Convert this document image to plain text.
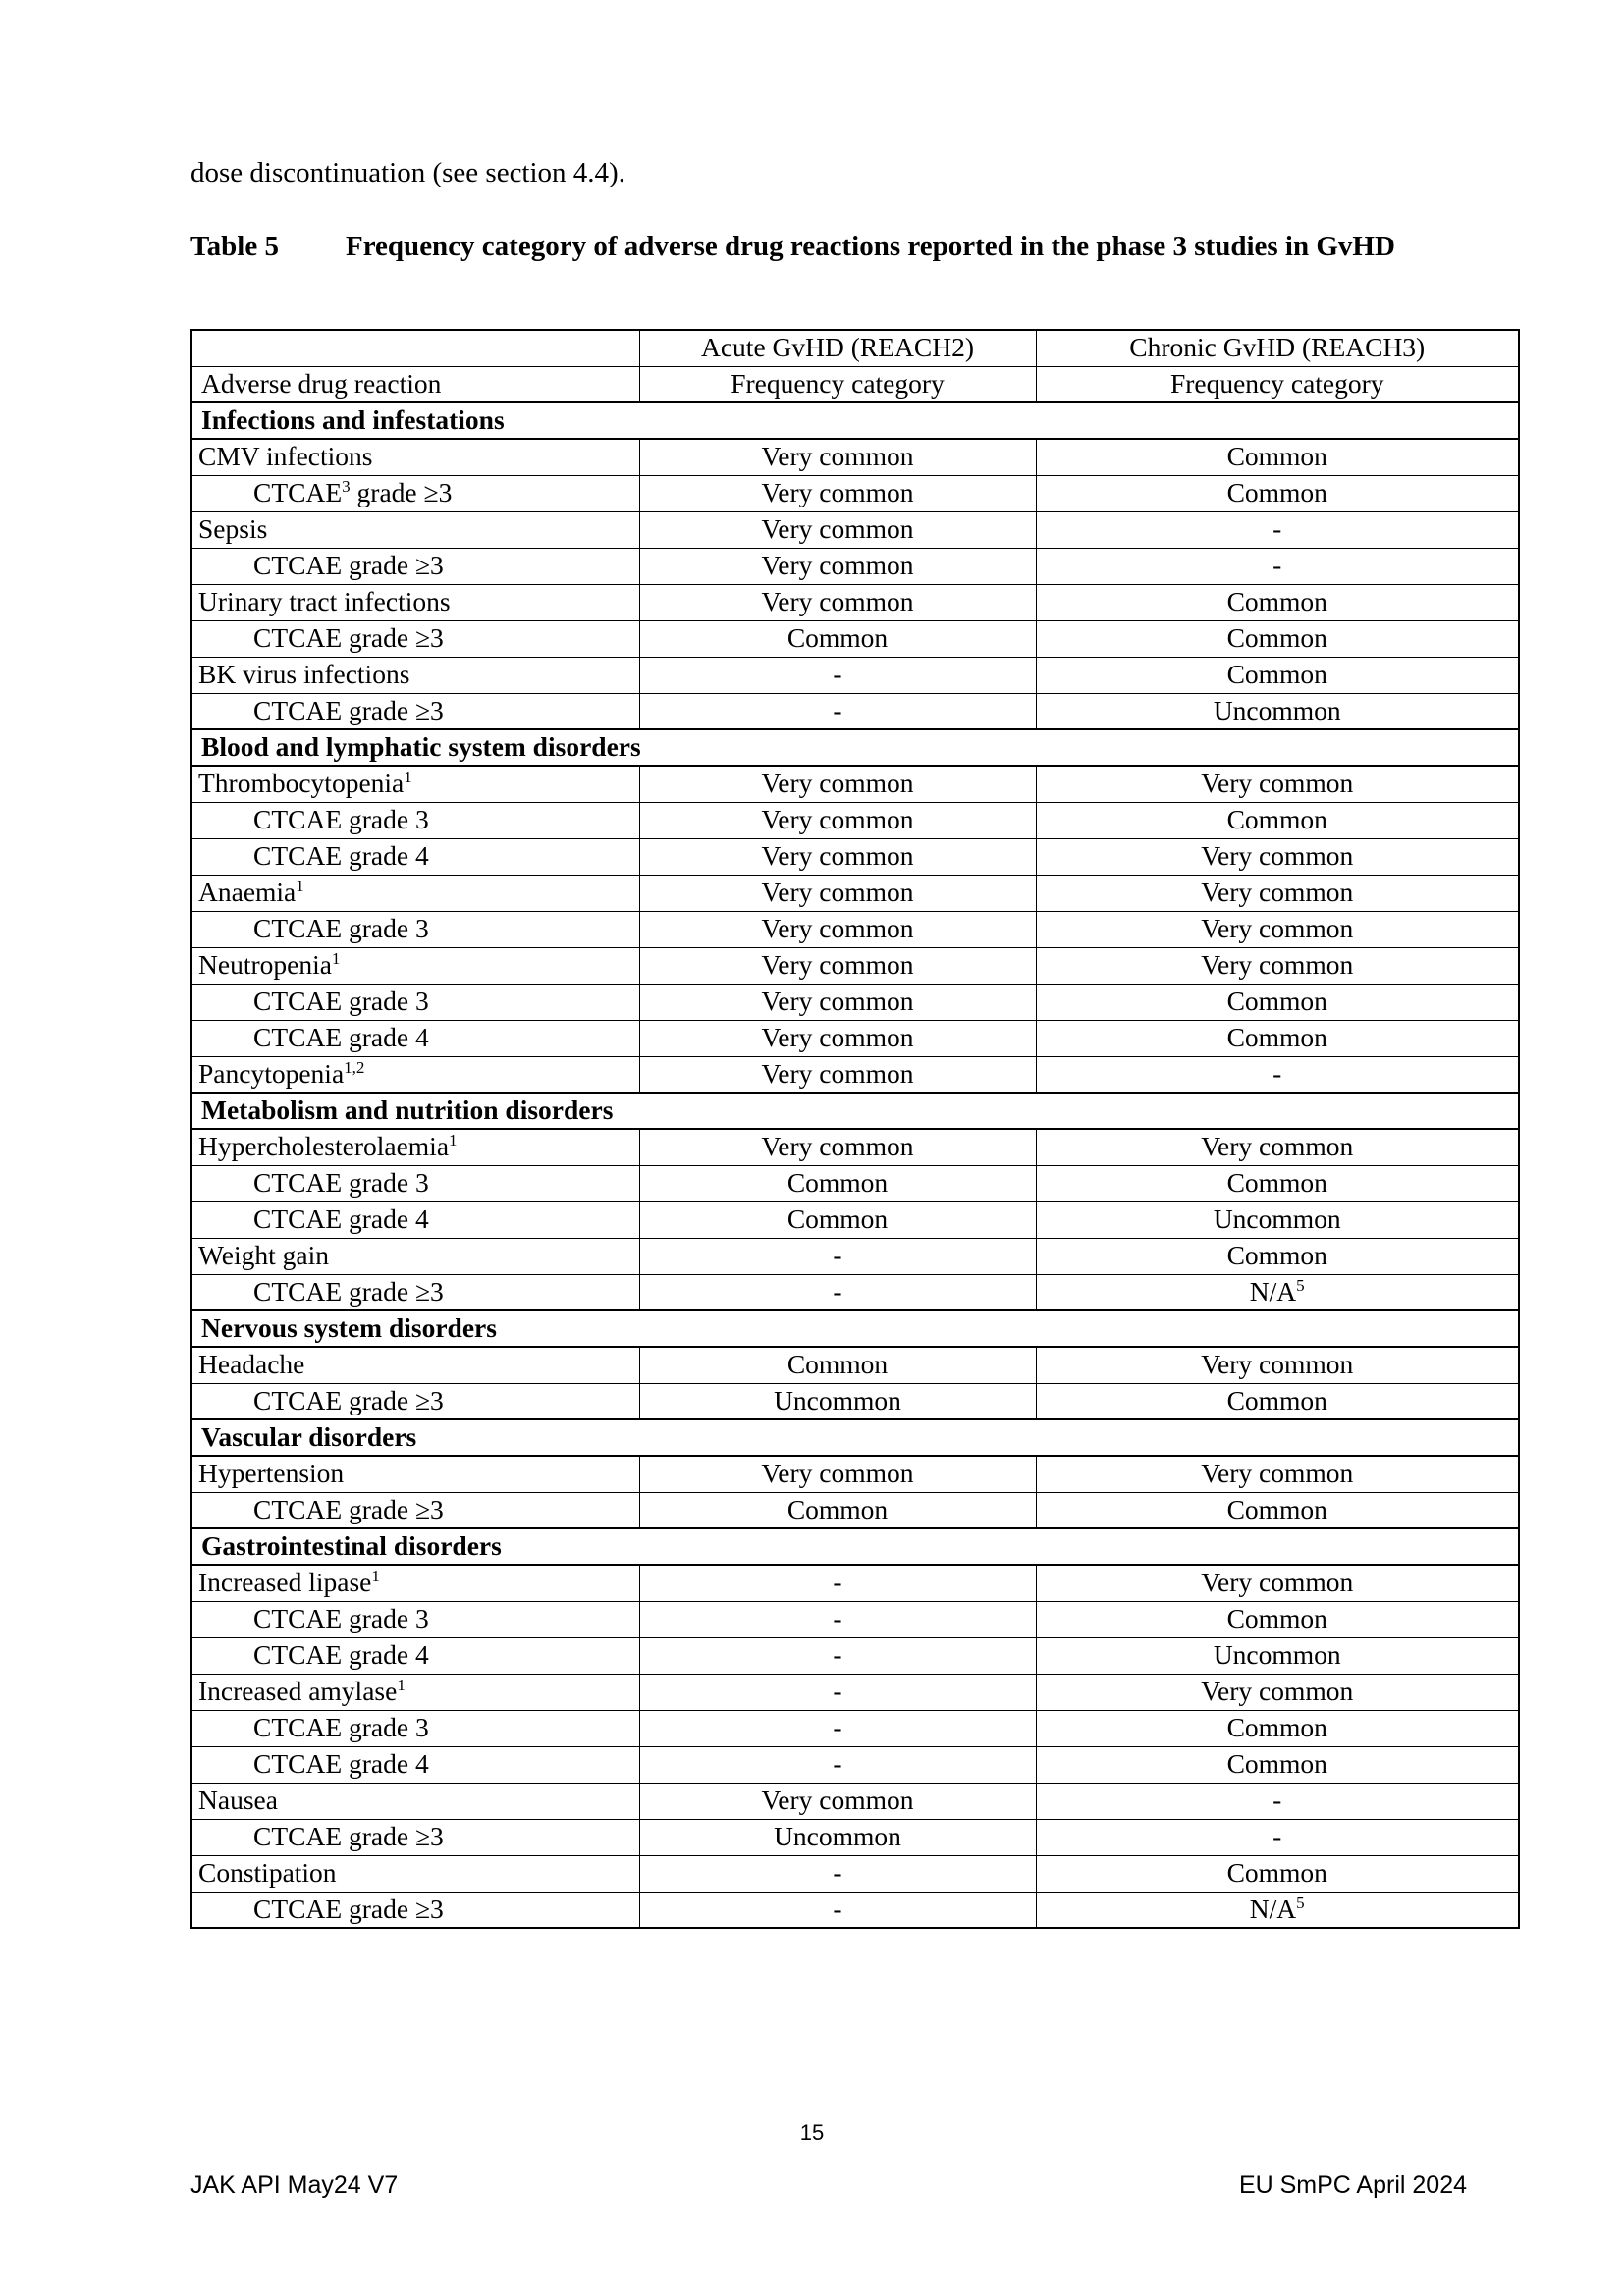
dose discontinuation (see section 4.4).
Table 5	Frequency category of adverse drug reactions reported in the phase 3 studies in GvHD
	Acute GvHD (REACH2)	Chronic GvHD (REACH3)
Adverse drug reaction	Frequency category	Frequency category
Infections and infestations		
CMV infections	Very common	Common
CTCAE$^3$ grade ≥3	Very common	Common
Sepsis	Very common	-
CTCAE grade ≥3	Very common	-
Urinary tract infections	Very common	Common
CTCAE grade ≥3	Common	Common
BK virus infections	-	Common
CTCAE grade ≥3	-	Uncommon
Blood and lymphatic system disorders		
Thrombocytopenia$^1$	Very common	Very common
CTCAE grade 3	Very common	Common
CTCAE grade 4	Very common	Very common
Anaemia$^1$	Very common	Very common
CTCAE grade 3	Very common	Very common
Neutropenia$^1$	Very common	Very common
CTCAE grade 3	Very common	Common
CTCAE grade 4	Very common	Common
Pancytopenia$^{1,2}$	Very common	-
Metabolism and nutrition disorders		
Hypercholesterolaemia$^1$	Very common	Very common
CTCAE grade 3	Common	Common
CTCAE grade 4	Common	Uncommon
Weight gain	-	Common
CTCAE grade ≥3	-	$N/A^5$
Nervous system disorders		
Headache	Common	Very common
CTCAE grade ≥3	Uncommon	Common
Vascular disorders		
Hypertension	Very common	Very common
CTCAE grade ≥3	Common	Common
Gastrointestinal disorders		
Increased lipase$^1$	-	Very common
CTCAE grade 3	-	Common
CTCAE grade 4	-	Uncommon
Increased amylase$^1$	-	Very common
CTCAE grade 3	-	Common
CTCAE grade 4	-	Common
Nausea	Very common	-
CTCAE grade ≥3	Uncommon	-
Constipation	-	Common
CTCAE grade ≥3	-	$N/A^5$
15
JAK API May24 V7	EU SmPC April 2024
